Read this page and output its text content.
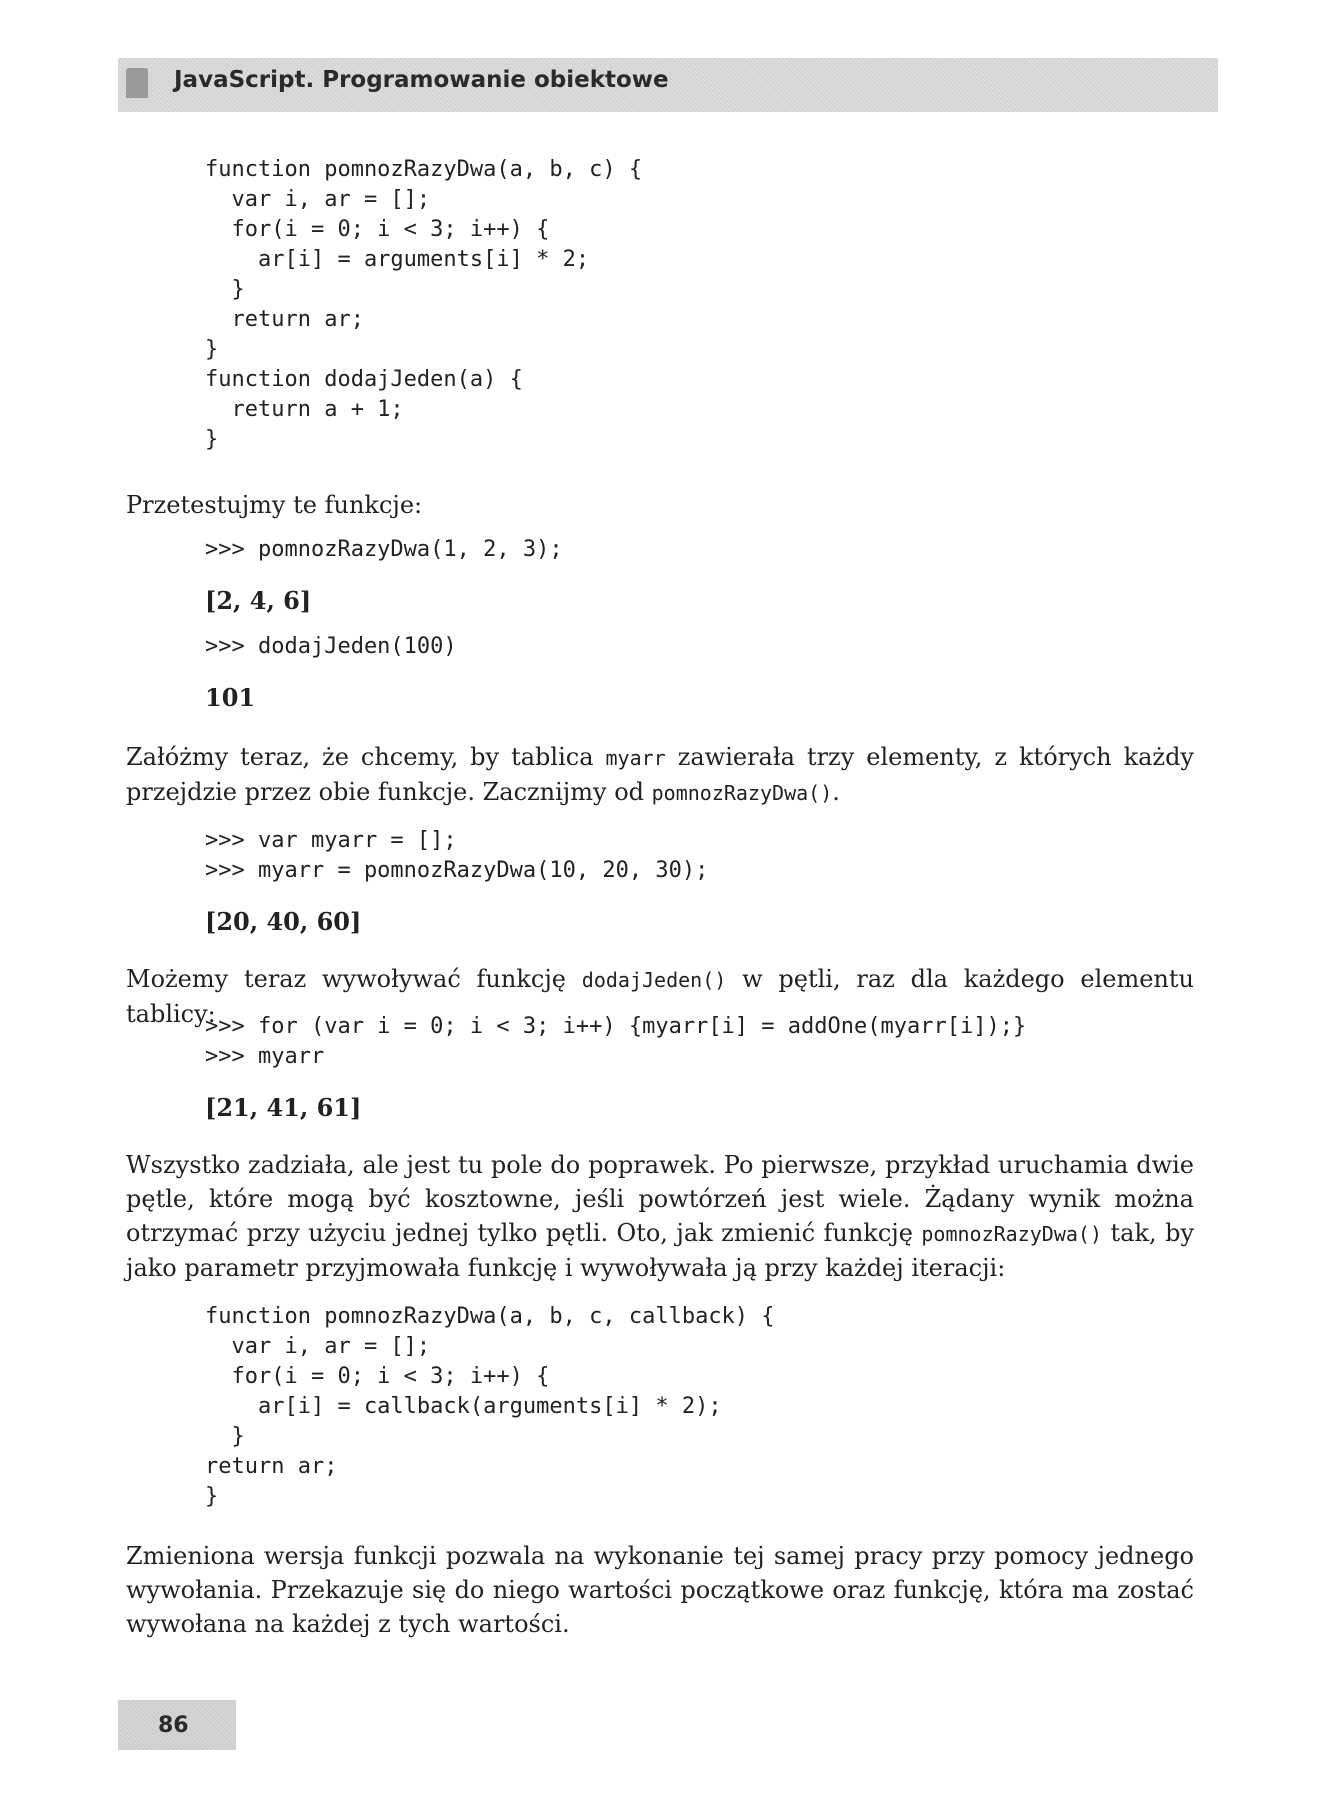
JavaScript. Programowanie obiektowe
function pomnozRazyDwa(a, b, c) {
var i, ar = [];
for(i = 0; i < 3; i++) {
ar[i] = arguments[i] * 2;
}
return ar;
}
function dodajJeden(a) {
return a + 1;
}
Przetestujmy te funkcje:
>>> pomnozRazyDwa(1, 2, 3);
[2, 4, 6]
>>> dodajJeden(100)
101
Załóżmy teraz, że chcemy, by tablica myarr zawierała trzy elementy, z których każdy przejdzie przez obie funkcje. Zacznijmy od pomnozRazyDwa().
>>> var myarr = [];
>>> myarr = pomnozRazyDwa(10, 20, 30);
[20, 40, 60]
Możemy teraz wywoływać funkcję dodajJeden() w pętli, raz dla każdego elementu tablicy:
>>> for (var i = 0; i < 3; i++) {myarr[i] = addOne(myarr[i]);}
>>> myarr
[21, 41, 61]
Wszystko zadziała, ale jest tu pole do poprawek. Po pierwsze, przykład uruchamia dwie pętle, które mogą być kosztowne, jeśli powtórzeń jest wiele. Żądany wynik można otrzymać przy użyciu jednej tylko pętli. Oto, jak zmienić funkcję pomnozRazyDwa() tak, by jako parametr przyjmowała funkcję i wywoływała ją przy każdej iteracji:
function pomnozRazyDwa(a, b, c, callback) {
var i, ar = [];
for(i = 0; i < 3; i++) {
ar[i] = callback(arguments[i] * 2);
}
return ar;
}
Zmieniona wersja funkcji pozwala na wykonanie tej samej pracy przy pomocy jednego wywołania. Przekazuje się do niego wartości początkowe oraz funkcję, która ma zostać wywołana na każdej z tych wartości.
86
